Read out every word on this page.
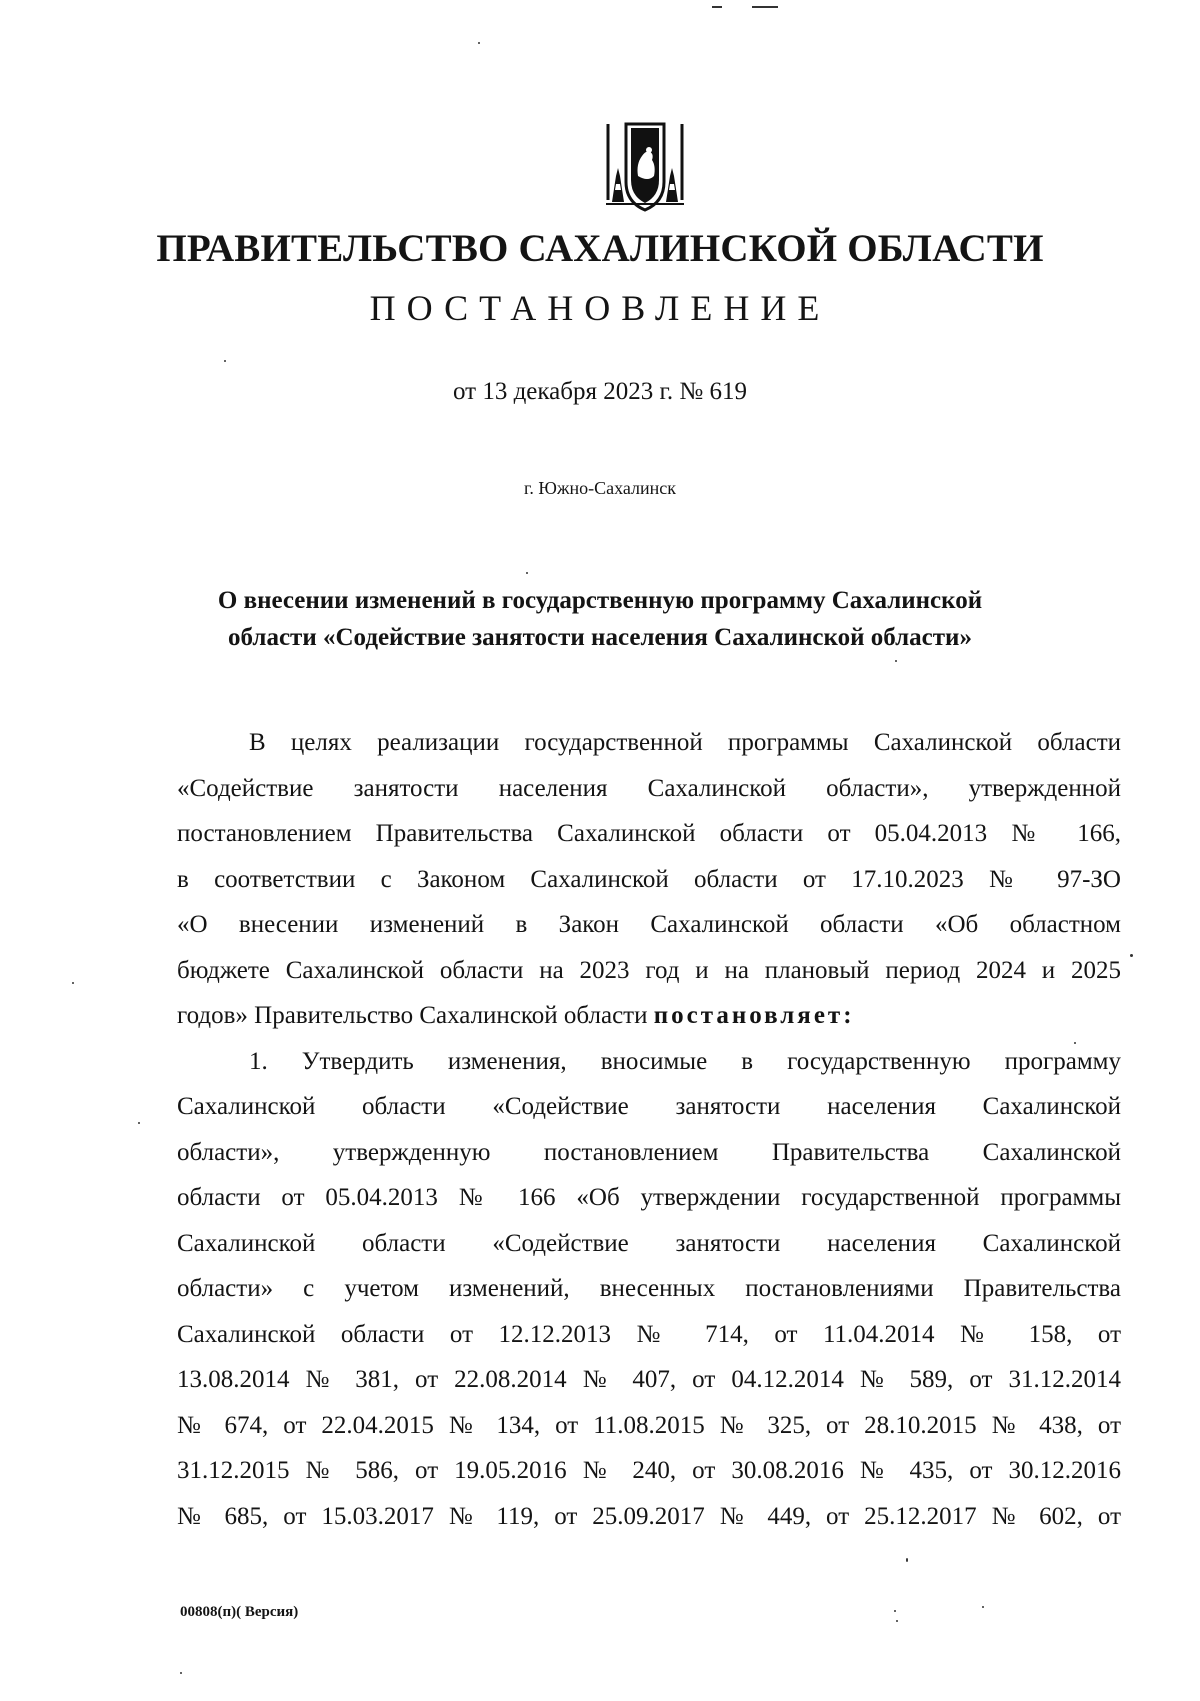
ПРАВИТЕЛЬСТВО САХАЛИНСКОЙ ОБЛАСТИ
ПОСТАНОВЛЕНИЕ
от 13 декабря 2023 г. № 619
г. Южно-Сахалинск
О внесении изменений в государственную программу Сахалинской
области «Содействие занятости населения Сахалинской области»
В целях реализации государственной программы Сахалинской области
«Содействие занятости населения Сахалинской области», утвержденной
постановлением Правительства Сахалинской области от 05.04.2013 № 166,
в соответствии с Законом Сахалинской области от 17.10.2023 № 97-ЗО
«О внесении изменений в Закон Сахалинской области «Об областном
бюджете Сахалинской области на 2023 год и на плановый период 2024 и 2025
годов» Правительство Сахалинской области постановляет:
1. Утвердить изменения, вносимые в государственную программу
Сахалинской области «Содействие занятости населения Сахалинской
области», утвержденную постановлением Правительства Сахалинской
области от 05.04.2013 № 166 «Об утверждении государственной программы
Сахалинской области «Содействие занятости населения Сахалинской
области» с учетом изменений, внесенных постановлениями Правительства
Сахалинской области от 12.12.2013 № 714, от 11.04.2014 № 158, от
13.08.2014 № 381, от 22.08.2014 № 407, от 04.12.2014 № 589, от 31.12.2014
№ 674, от 22.04.2015 № 134, от 11.08.2015 № 325, от 28.10.2015 № 438, от
31.12.2015 № 586, от 19.05.2016 № 240, от 30.08.2016 № 435, от 30.12.2016
№ 685, от 15.03.2017 № 119, от 25.09.2017 № 449, от 25.12.2017 № 602, от
00808(п)( Версия)
